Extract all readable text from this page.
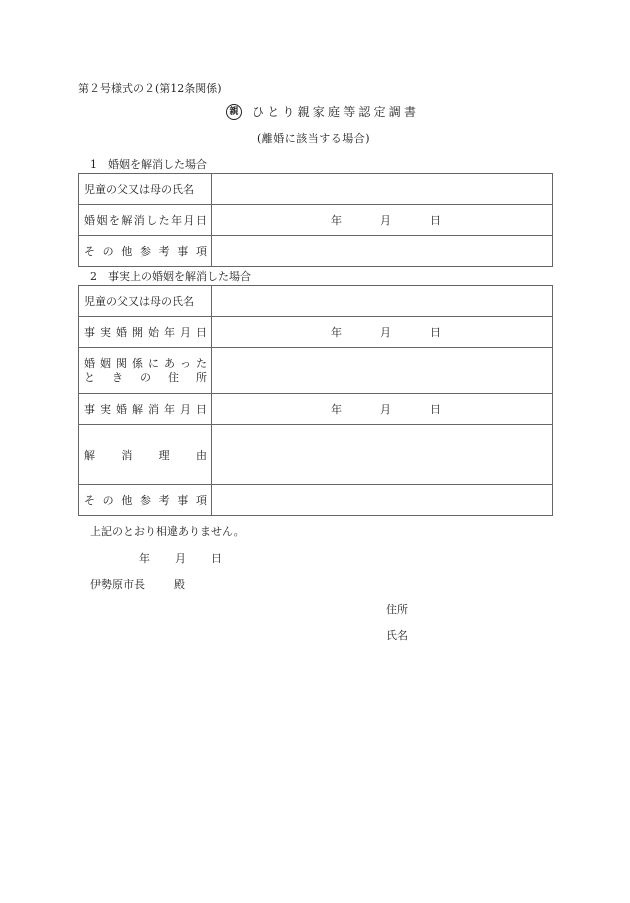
第２号様式の２(第12条関係)
親 ひとり親家庭等認定調書
(離婚に該当する場合)
1 婚姻を解消した場合
児童の父又は母の氏名	

婚 姻 を 解 消 し た 年 月 日	年	月	日

そ の 他 参 考 事 項

2 事実上の婚姻を解消した場合
児童の父又は母の氏名	

事 実 婚 開 始 年 月 日	年	月	日

婚 姻 関 係 に あ っ た
と き の 住 所

事 実 婚 解 消 年 月 日	年	月	日

解 消 理 由	

そ の 他 参 考 事 項

上記のとおり相違ありません。
年	月	日
伊勢原市長	殿
住所
氏名
